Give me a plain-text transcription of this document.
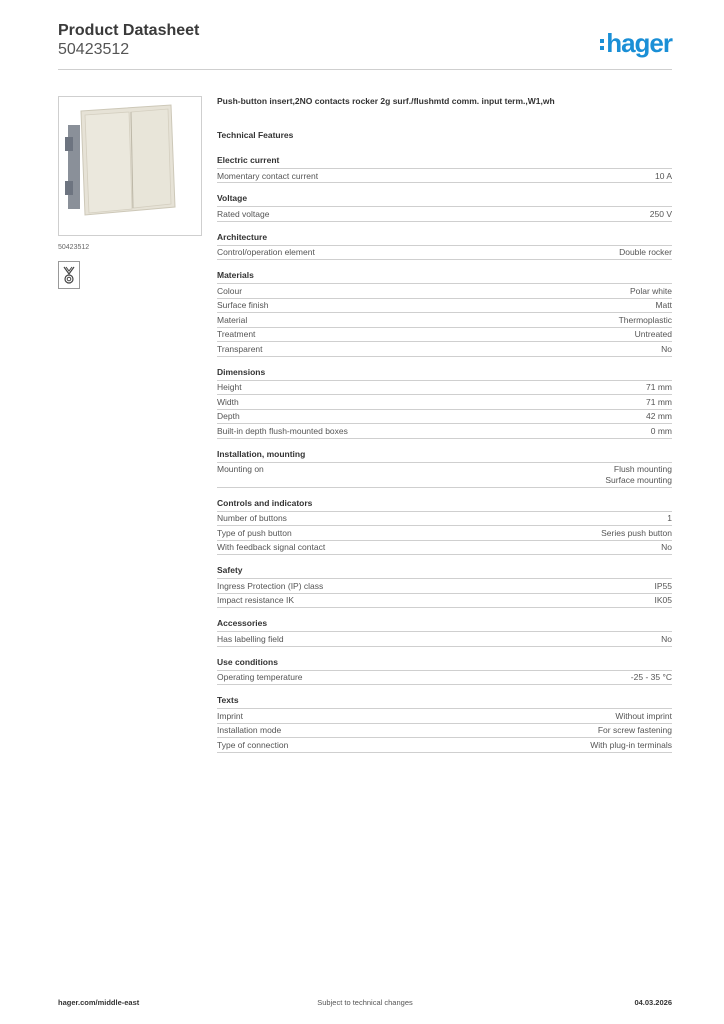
Product Datasheet
50423512	hager
50423512
Push-button insert,2NO contacts rocker 2g surf./flushmtd comm. input term.,W1,wh
Technical Features
Electric current
Momentary contact current	10 A
Voltage
Rated voltage	250 V
Architecture
Control/operation element	Double rocker
Materials
Colour	Polar white
Surface finish	Matt
Material	Thermoplastic
Treatment	Untreated
Transparent	No
Dimensions
Height	71 mm
Width	71 mm
Depth	42 mm
Built-in depth flush-mounted boxes	0 mm
Installation, mounting
Mounting on	Flush mounting
Surface mounting
Controls and indicators
Number of buttons	1
Type of push button	Series push button
With feedback signal contact	No
Safety
Ingress Protection (IP) class	IP55
Impact resistance IK	IK05
Accessories
Has labelling field	No
Use conditions
Operating temperature	-25 - 35 °C
Texts
Imprint	Without imprint
Installation mode	For screw fastening
Type of connection	With plug-in terminals
hager.com/middle-east	Subject to technical changes	04.03.2026
